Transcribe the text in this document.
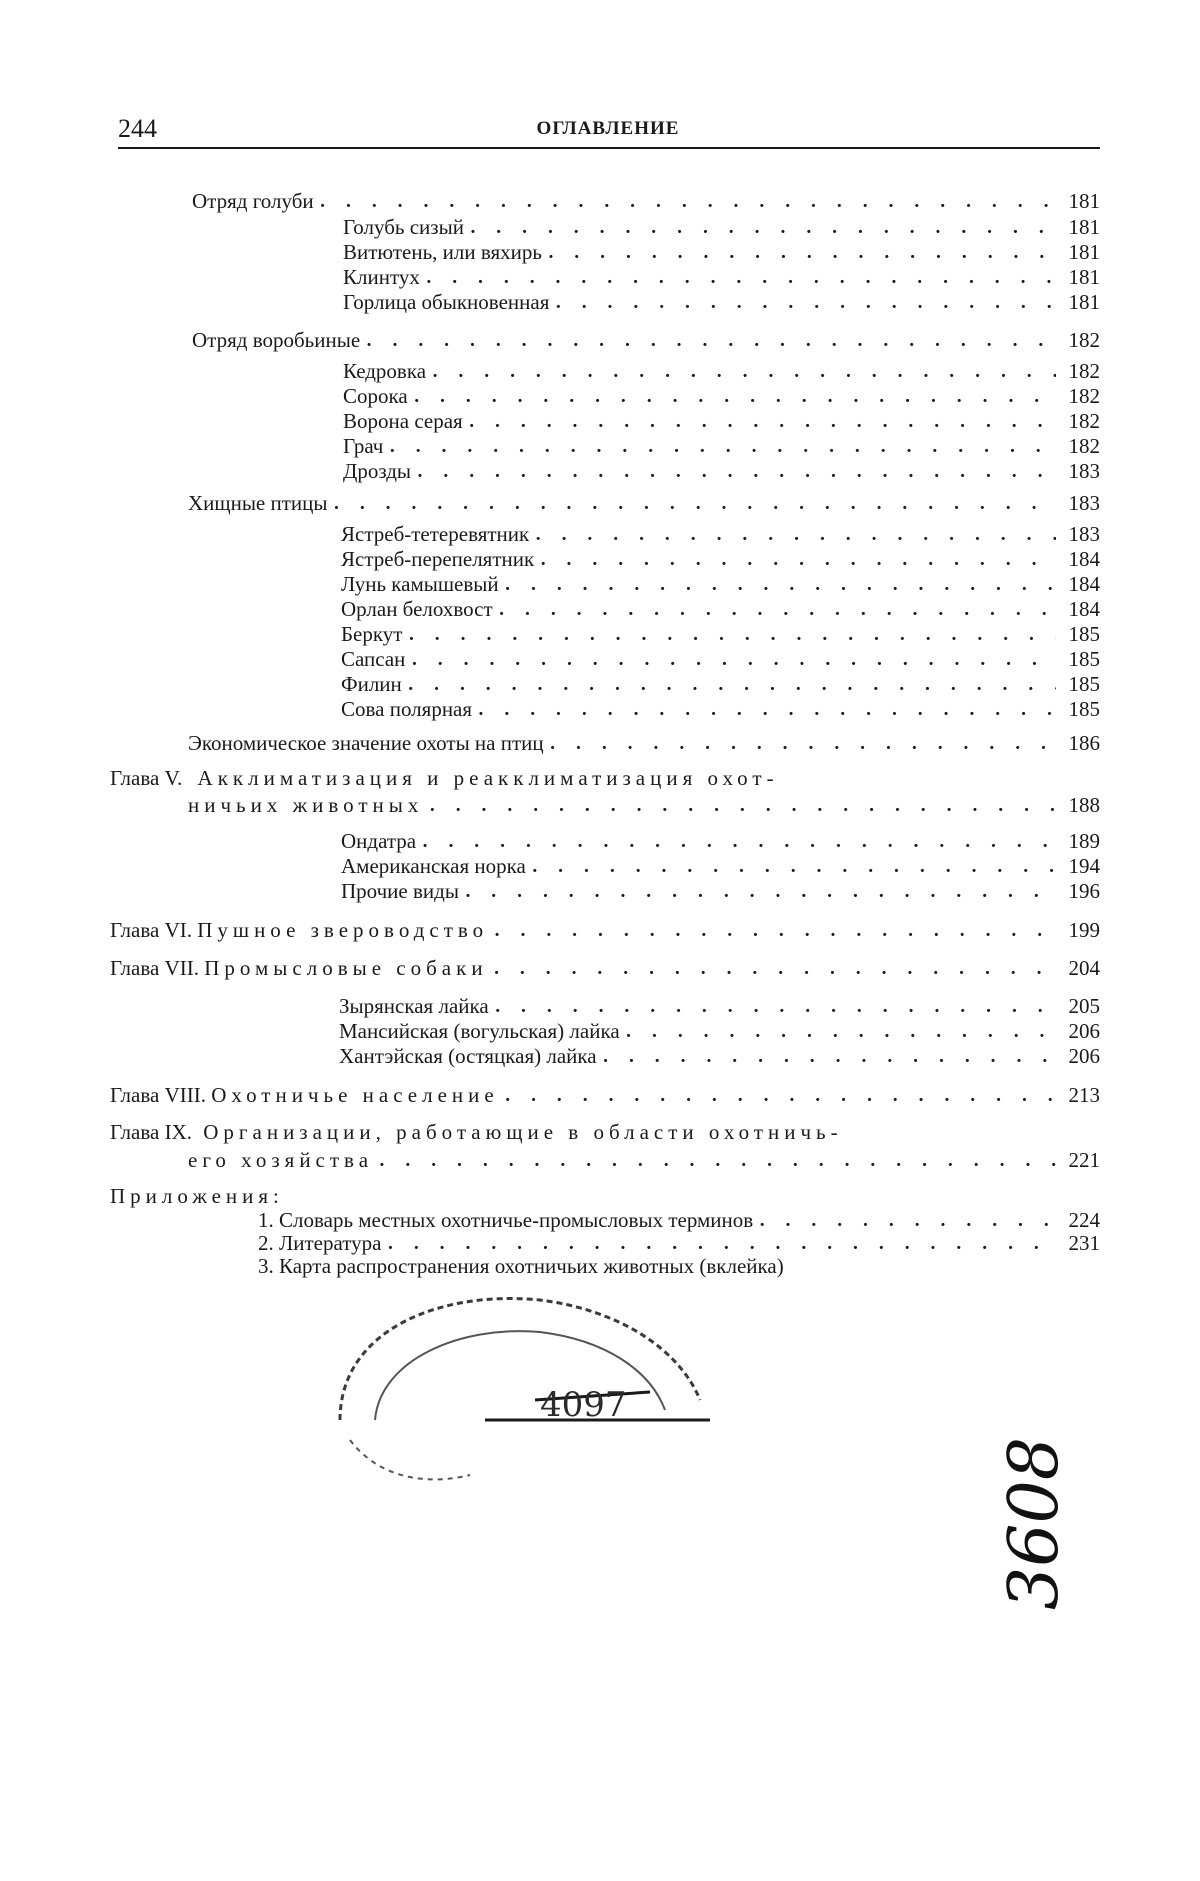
244	ОГЛАВЛЕНИЕ
Отряд голуби . . .	181
Голубь сизый . . .	181
Витютень, или вяхирь . . .	181
Клинтух . . .	181
Горлица обыкновенная . . .	181
Отряд воробьиные . . .	182
Кедровка . . .	182
Сорока . . .	182
Ворона серая . . .	182
Грач . . .	182
Дрозды . . .	183
Хищные птицы . . .	183
Ястреб-тетеревятник . . .	183
Ястреб-перепелятник . . .	184
Лунь камышевый . . .	184
Орлан белохвост . . .	184
Беркут . . .	185
Сапсан . . .	185
Филин . . .	185
Сова полярная . . .	185
Экономическое значение охоты на птиц . . .	186
Глава V. Акклиматизация и реакклиматизация охот-
ничьих животных . . .	188
Ондатра . . .	189
Американская норка . . .	194
Прочие виды . . .	196
Глава VI. Пушное звероводство . . .	199
Глава VII. Промысловые собаки . . .	204
Зырянская лайка . . .	205
Мансийская (вогульская) лайка . . .	206
Хантэйская (остяцкая) лайка . . .	206
Глава VIII. Охотничье население . . .	213
Глава IX. Организации, работающие в области охотничь-
его хозяйства . . .	221
Приложения:
1. Словарь местных охотничье-промысловых терминов . . .	224
2. Литература . . .	231
3. Карта распространения охотничьих животных (вклейка)
4097
3608
